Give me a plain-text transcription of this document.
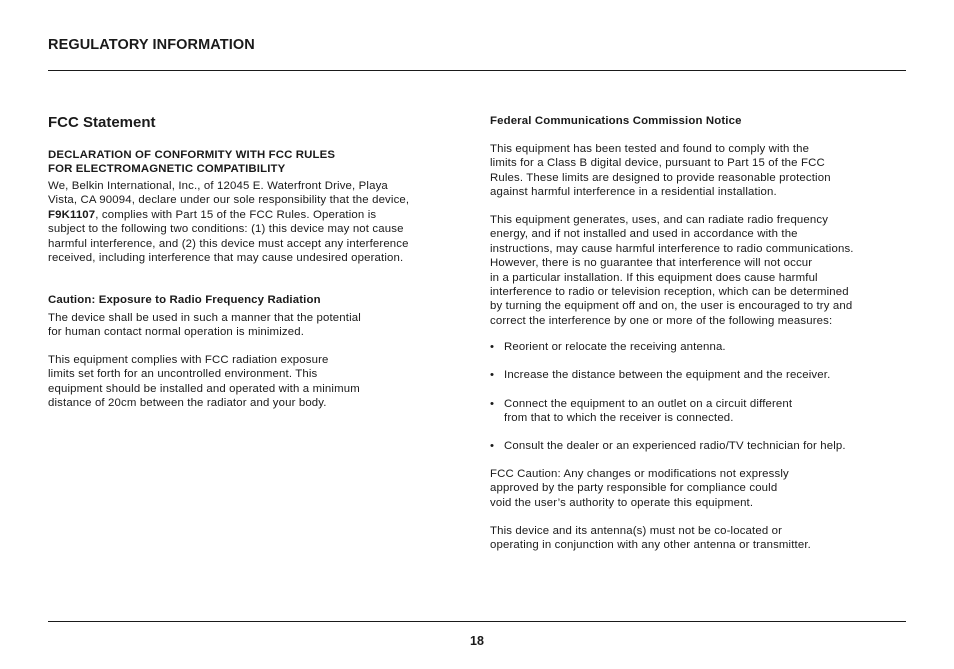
REGULATORY INFORMATION
FCC Statement

DECLARATION OF CONFORMITY WITH FCC RULES
FOR ELECTROMAGNETIC COMPATIBILITY

We, Belkin International, Inc., of 12045 E. Waterfront Drive, Playa

Vista, CA 90094, declare under our sole responsibility that the device,

F9K1107, complies with Part 15 of the FCC Rules. Operation is

subject to the following two conditions: (1) this device may not cause
harmful interference, and (2) this device must accept any interference
received, including interference that may cause undesired operation.

Caution: Exposure to Radio Frequency Radiation

The device shall be used in such a manner that the potential
for human contact normal operation is minimized.

This equipment complies with FCC radiation exposure
limits set forth for an uncontrolled environment. This
equipment should be installed and operated with a minimum
distance of 20cm between the radiator and your body.

Federal Communications Commission Notice

This equipment has been tested and found to comply with the
limits for a Class B digital device, pursuant to Part 15 of the FCC
Rules. These limits are designed to provide reasonable protection
against harmful interference in a residential installation.

This equipment generates, uses, and can radiate radio frequency
energy, and if not installed and used in accordance with the
instructions, may cause harmful interference to radio communications.
However, there is no guarantee that interference will not occur
in a particular installation. If this equipment does cause harmful
interference to radio or television reception, which can be determined
by turning the equipment off and on, the user is encouraged to try and
correct the interference by one or more of the following measures:

•

Reorient or relocate the receiving antenna.

•

Increase the distance between the equipment and the receiver.

•

Connect the equipment to an outlet on a circuit different
from that to which the receiver is connected.

•

Consult the dealer or an experienced radio/TV technician for help.

FCC Caution: Any changes or modifications not expressly
approved by the party responsible for compliance could
void the user’s authority to operate this equipment.

This device and its antenna(s) must not be co-located or
operating in conjunction with any other antenna or transmitter.

18
